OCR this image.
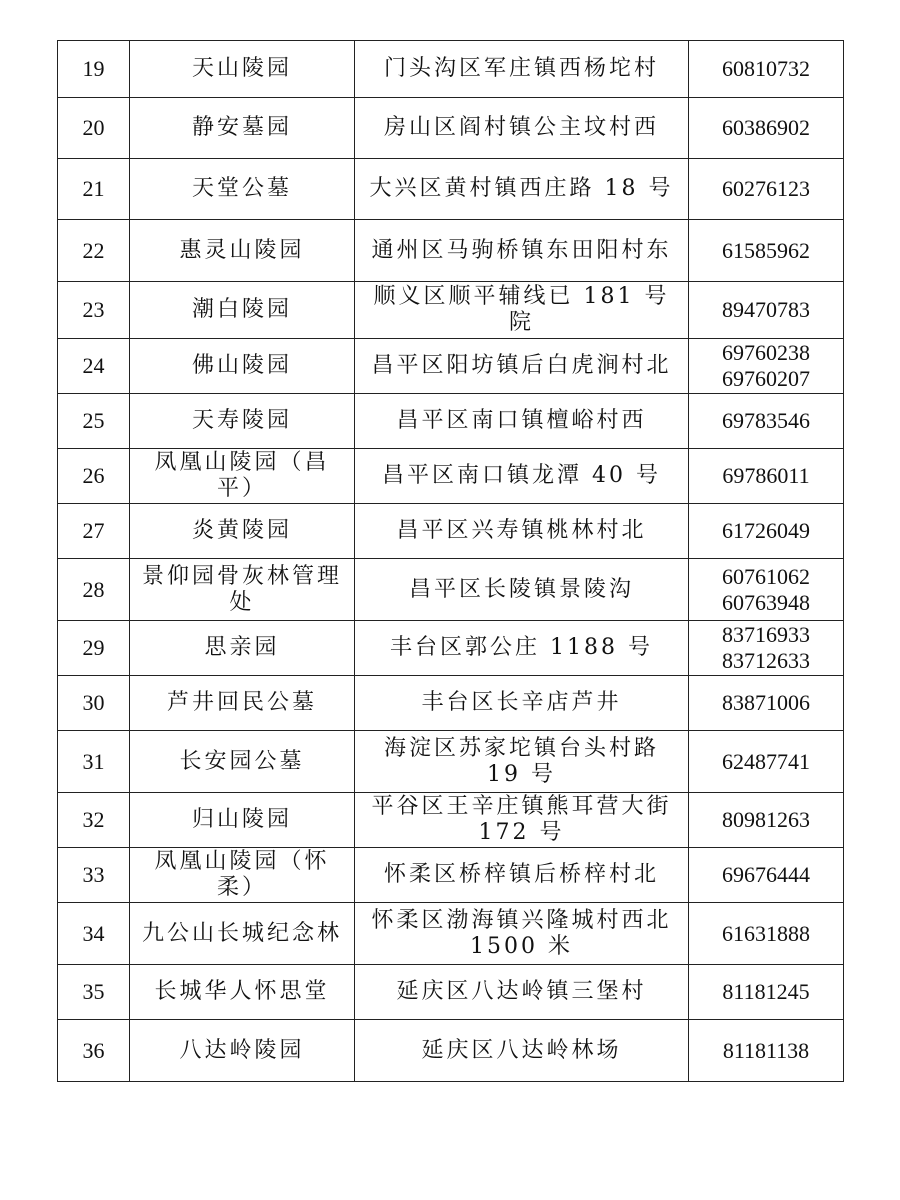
19	天山陵园	门头沟区军庄镇西杨坨村	60810732

20	静安墓园	房山区阎村镇公主坟村西	60386902

21	天堂公墓	大兴区黄村镇西庄路 18 号	60276123

22	惠灵山陵园	通州区马驹桥镇东田阳村东	61585962

23	潮白陵园	顺义区顺平辅线已 181 号院	89470783

24	佛山陵园	昌平区阳坊镇后白虎涧村北	69760238
69760207

25	天寿陵园	昌平区南口镇檀峪村西	69783546

26	凤凰山陵园（昌平）	昌平区南口镇龙潭 40 号	69786011

27	炎黄陵园	昌平区兴寿镇桃林村北	61726049

28	景仰园骨灰林管理处	昌平区长陵镇景陵沟	60761062
60763948

29	思亲园	丰台区郭公庄 1188 号	83716933
83712633

30	芦井回民公墓	丰台区长辛店芦井	83871006

31	长安园公墓	海淀区苏家坨镇台头村路 19 号	62487741

32	归山陵园	平谷区王辛庄镇熊耳营大街 172 号	80981263

33	凤凰山陵园（怀柔）	怀柔区桥梓镇后桥梓村北	69676444

34	九公山长城纪念林	怀柔区渤海镇兴隆城村西北 1500 米	61631888

35	长城华人怀思堂	延庆区八达岭镇三堡村	81181245

36	八达岭陵园	延庆区八达岭林场	81181138
